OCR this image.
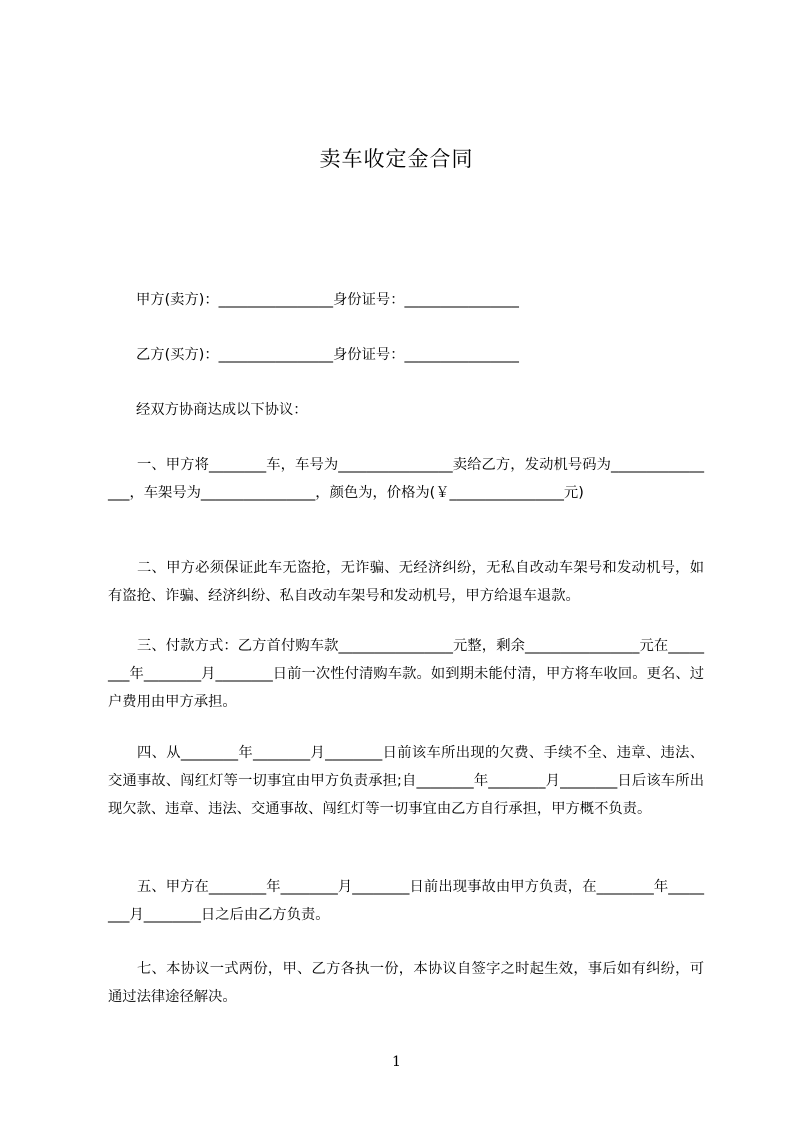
卖车收定金合同
甲方(卖方)：________________身份证号：________________
乙方(买方)：________________身份证号：________________
经双方协商达成以下协议：

一、甲方将________车，车号为________________卖给乙方，发动机号码为________________，车架号为________________，颜色为，价格为(￥________________元)

二、甲方必须保证此车无盗抢，无诈骗、无经济纠纷，无私自改动车架号和发动机号，如有盗抢、诈骗、经济纠纷、私自改动车架号和发动机号，甲方给退车退款。

三、付款方式：乙方首付购车款________________元整，剩余________________元在________年________月________日前一次性付清购车款。如到期未能付清，甲方将车收回。更名、过户费用由甲方承担。

四、从________年________月________日前该车所出现的欠费、手续不全、违章、违法、交通事故、闯红灯等一切事宜由甲方负责承担;自________年________月________日后该车所出现欠款、违章、违法、交通事故、闯红灯等一切事宜由乙方自行承担，甲方概不负责。

五、甲方在________年________月________日前出现事故由甲方负责，在________年________月________日之后由乙方负责。

七、本协议一式两份，甲、乙方各执一份，本协议自签字之时起生效，事后如有纠纷，可通过法律途径解决。

1
